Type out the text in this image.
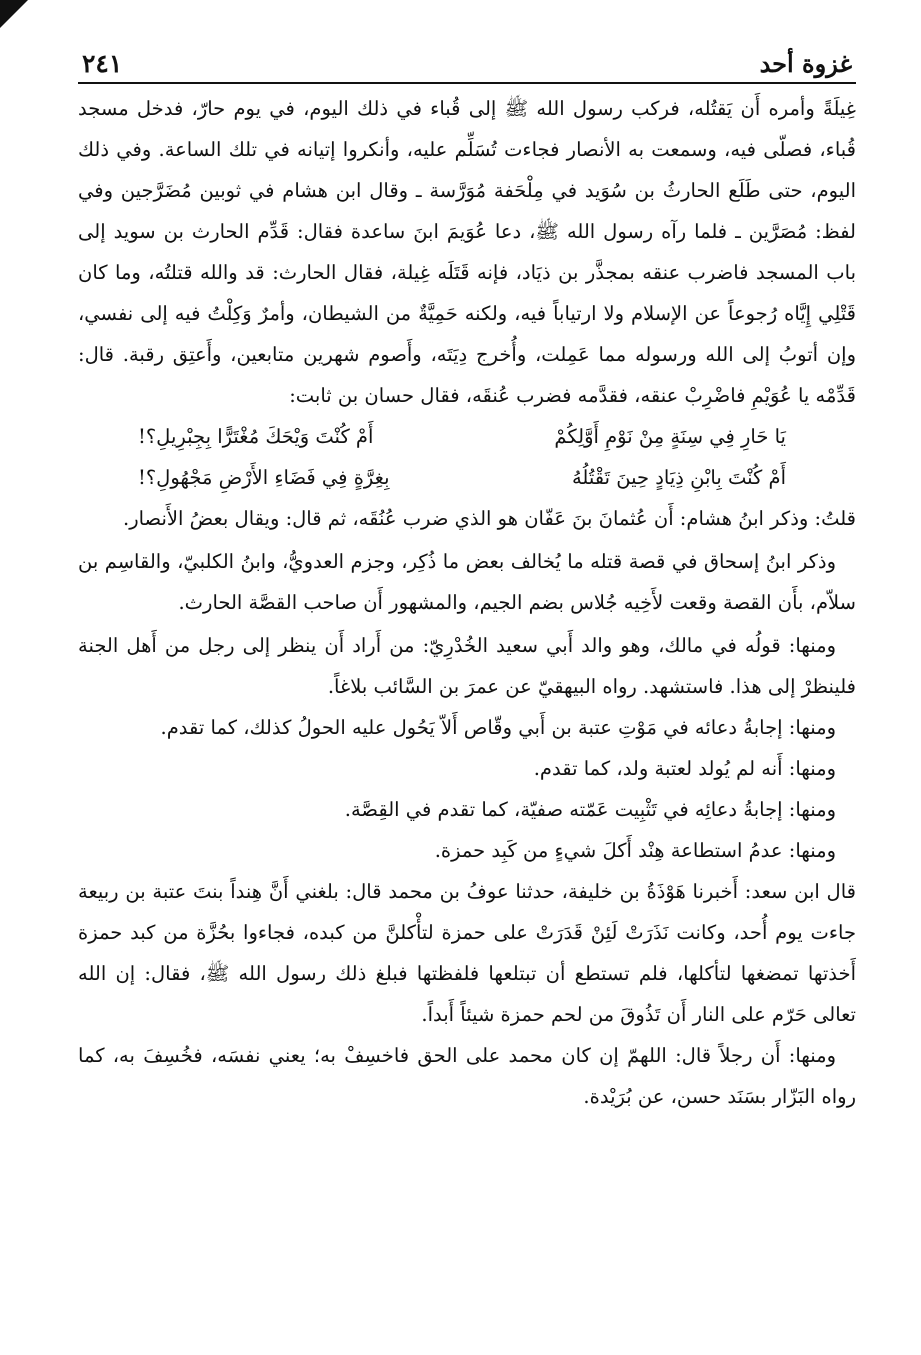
غزوة أحد
٢٤١

غِيلَةً وأمره أَن يَقتُله، فركب رسول الله ﷺ إلى قُباء في ذلك اليوم، في يوم حارّ، فدخل مسجد قُباء، فصلّى فيه، وسمعت به الأنصار فجاءت تُسَلِّم عليه، وأنكروا إتيانه في تلك الساعة. وفي ذلك اليوم، حتى طَلَع الحارثُ بن سُوَيد في مِلْحَفة مُوَرَّسة ـ وقال ابن هشام في ثوبين مُضَرَّجين وفي لفظ: مُصَرَّين ـ فلما رآه رسول الله ﷺ، دعا عُوَيمَ ابنَ ساعدة فقال: قَدِّم الحارث بن سويد إلى باب المسجد فاضرب عنقه بمجذَّر بن ذيَاد، فإنه قَتَلَه غِيلة، فقال الحارث: قد والله قتلتُه، وما كان قَتْلِي إِيَّاه رُجوعاً عن الإسلام ولا ارتياباً فيه، ولكنه حَمِيَّةٌ من الشيطان، وأمرٌ وَكِلْتُ فيه إلى نفسي، وإن أتوبُ إلى الله ورسوله مما عَمِلت، وأُخرج دِيَتَه، وأَصوم شهرين متابعين، وأَعتِق رقبة. قال: قَدِّمْه يا عُوَيْمِ فاضْرِبْ عنقه، فقدَّمه فضرب عُنقَه، فقال حسان بن ثابت:

يَا حَارِ فِي سِنَةٍ مِنْ نَوْمِ أَوَّلِكُمْ
أَمْ كُنْتَ وَيْحَكَ مُغْتَرًّا بِجِبْرِيلِ؟!
أَمْ كُنْتَ بِابْنِ ذِيَادٍ حِينَ تَقْتُلُهُ
بِغِرَّةٍ فِي فَضَاءِ الأَرْضِ مَجْهُولِ؟!

قلتُ: وذكر ابنُ هشام: أَن عُثمانَ بنَ عَفّان هو الذي ضرب عُنُقَه، ثم قال: ويقال بعضُ الأَنصار.

وذكر ابنُ إسحاق في قصة قتله ما يُخالف بعض ما ذُكِر، وجزم العدويُّ، وابنُ الكلبيّ، والقاسِم بن سلاّم، بأَن القصة وقعت لأَخِيه جُلاس بضم الجيم، والمشهور أَن صاحب القصَّة الحارث.

ومنها: قولُه في مالك، وهو والد أَبي سعيد الخُدْرِيّ: من أَراد أَن ينظر إلى رجل من أَهل الجنة فلينظرْ إلى هذا. فاستشهد. رواه البيهقيّ عن عمرَ بن السَّائب بلاغاً.

ومنها: إجابةُ دعائه في مَوْتِ عتبة بن أَبي وقّاص أَلاّ يَحُول عليه الحولُ كذلك، كما تقدم.

ومنها: أَنه لم يُولد لعتبة ولد، كما تقدم.

ومنها: إجابةُ دعائِه في تَثْبِيت عَمّته صفيّة، كما تقدم في القِصَّة.

ومنها: عدمُ استطاعة هِنْد أَكلَ شيءٍ من كَبِد حمزة.

قال ابن سعد: أَخبرنا هَوْذَةُ بن خليفة، حدثنا عوفُ بن محمد قال: بلغني أَنَّ هِنداً بنتَ عتبة بن ربيعة جاءت يوم أُحد، وكانت نَذَرَتْ لَئِنْ قَدَرَتْ على حمزة لتأْكلنَّ من كبده، فجاءوا بحُزَّة من كبد حمزة أَخذتها تمضغها لتأكلها، فلم تستطع أن تبتلعها فلفظتها فبلغ ذلك رسول الله ﷺ، فقال: إن الله تعالى حَرّم على النار أَن تَذُوقَ من لحم حمزة شيئاً أَبداً.

ومنها: أَن رجلاً قال: اللهمّ إن كان محمد على الحق فاخسِفْ به؛ يعني نفسَه، فخُسِفَ به، كما رواه البَزّار بسَنَد حسن، عن بُرَيْدة.
